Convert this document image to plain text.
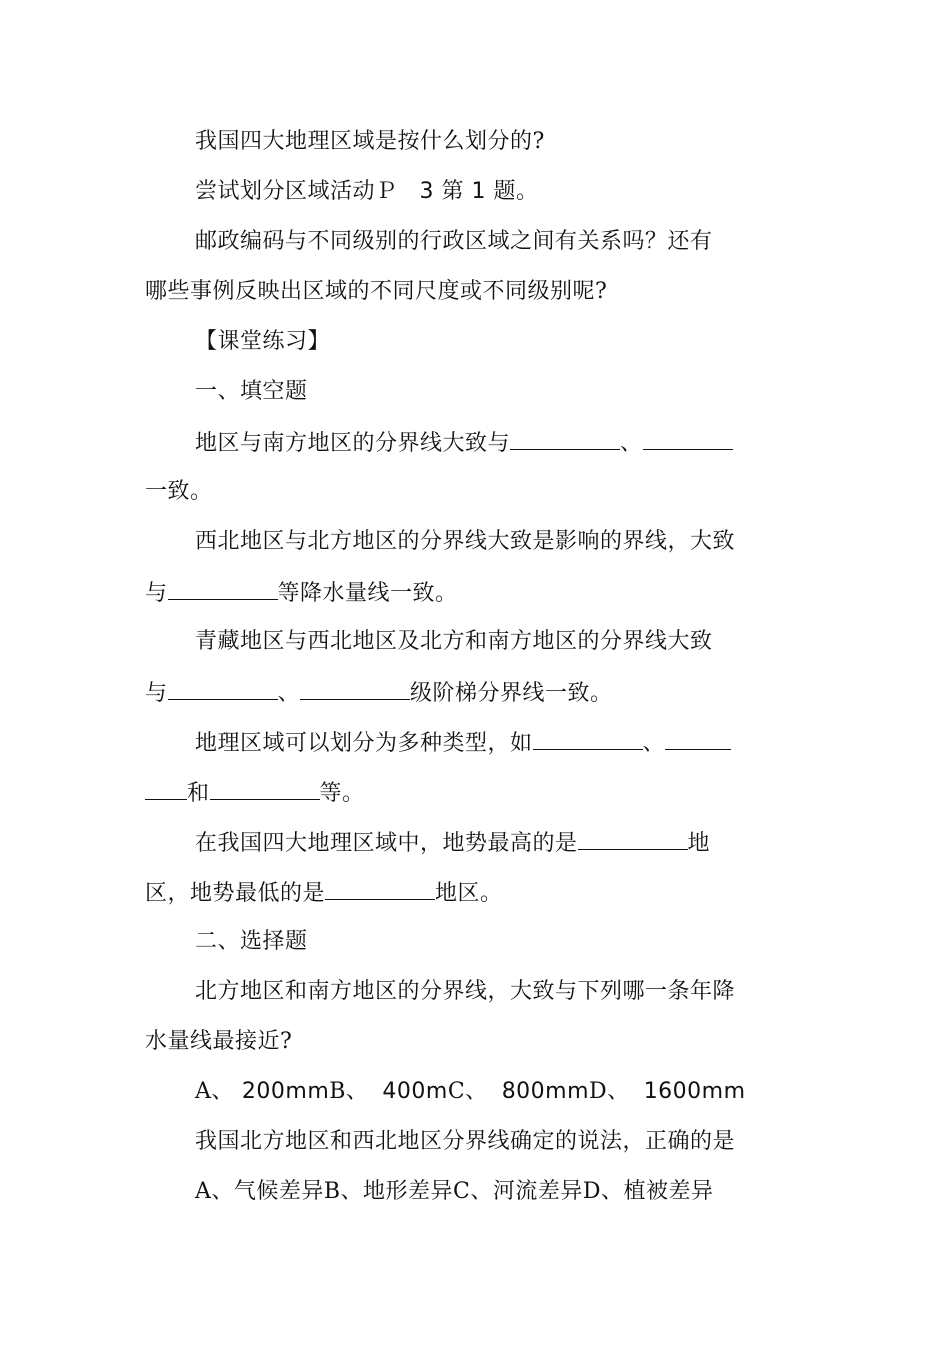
我国四大地理区域是按什么划分的?
尝试划分区域活动Ｐ 3 第 1 题。
邮政编码与不同级别的行政区域之间有关系吗？还有
哪些事例反映出区域的不同尺度或不同级别呢?
【课堂练习】
一、填空题
地区与南方地区的分界线大致与	、
一致。
西北地区与北方地区的分界线大致是影响的界线，大致
与	等降水量线一致。
青藏地区与西北地区及北方和南方地区的分界线大致
与	、	级阶梯分界线一致。
地理区域可以划分为多种类型，如	、
和	等。
在我国四大地理区域中，地势最高的是	地
区，地势最低的是	地区。
二、选择题
北方地区和南方地区的分界线，大致与下列哪一条年降
水量线最接近?
A、 200mmB、 400mC、 800mmD、 1600mm
我国北方地区和西北地区分界线确定的说法，正确的是
A、气候差异B、地形差异C、河流差异D、植被差异
